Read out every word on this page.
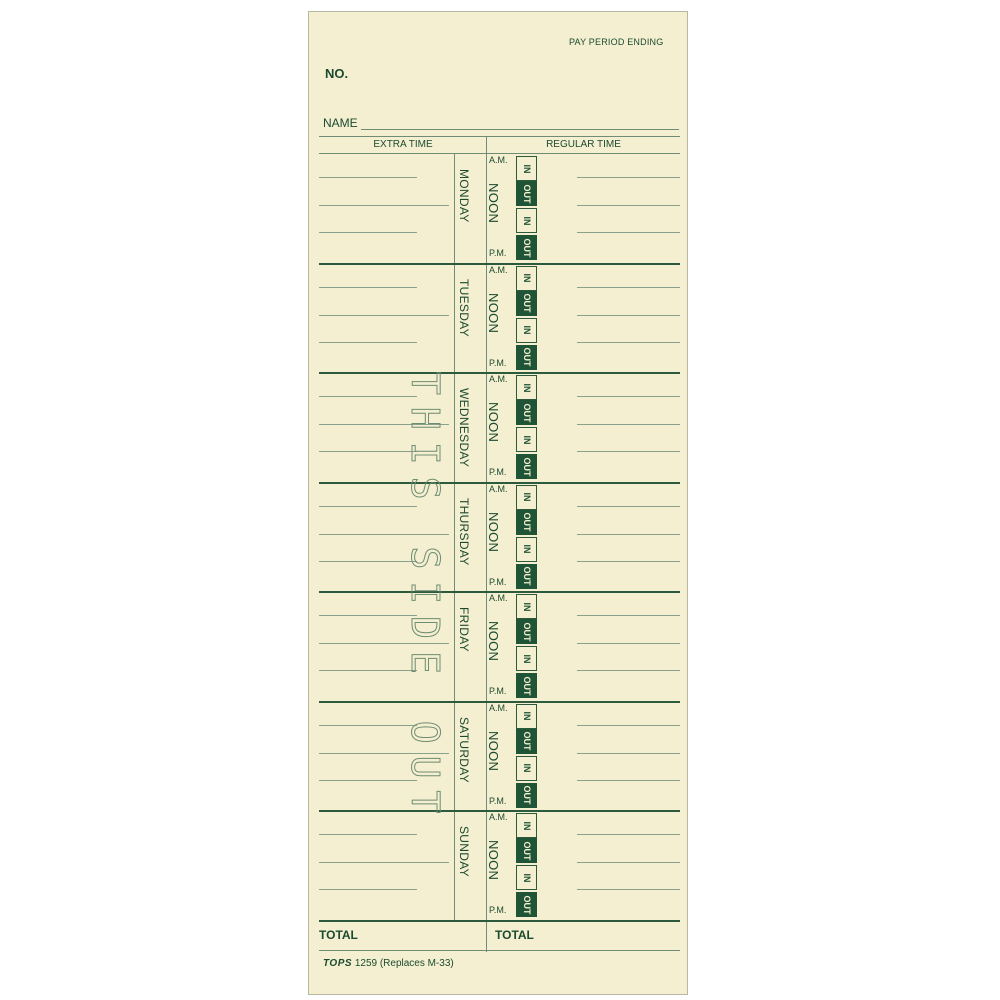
PAY PERIOD ENDING
NO.
NAME
EXTRA TIME	REGULAR TIME
MONDAY
A.M.
NOON
P.M.
IN
OUT
IN
OUT
TUESDAY
A.M.
NOON
P.M.
IN
OUT
IN
OUT
WEDNESDAY
A.M.
NOON
P.M.
IN
OUT
IN
OUT
THURSDAY
A.M.
NOON
P.M.
IN
OUT
IN
OUT
FRIDAY
A.M.
NOON
P.M.
IN
OUT
IN
OUT
SATURDAY
A.M.
NOON
P.M.
IN
OUT
IN
OUT
SUNDAY
A.M.
NOON
P.M.
IN
OUT
IN
OUT
THIS SIDE OUT
TOTAL	TOTAL
TOPS 1259 (Replaces M-33)
